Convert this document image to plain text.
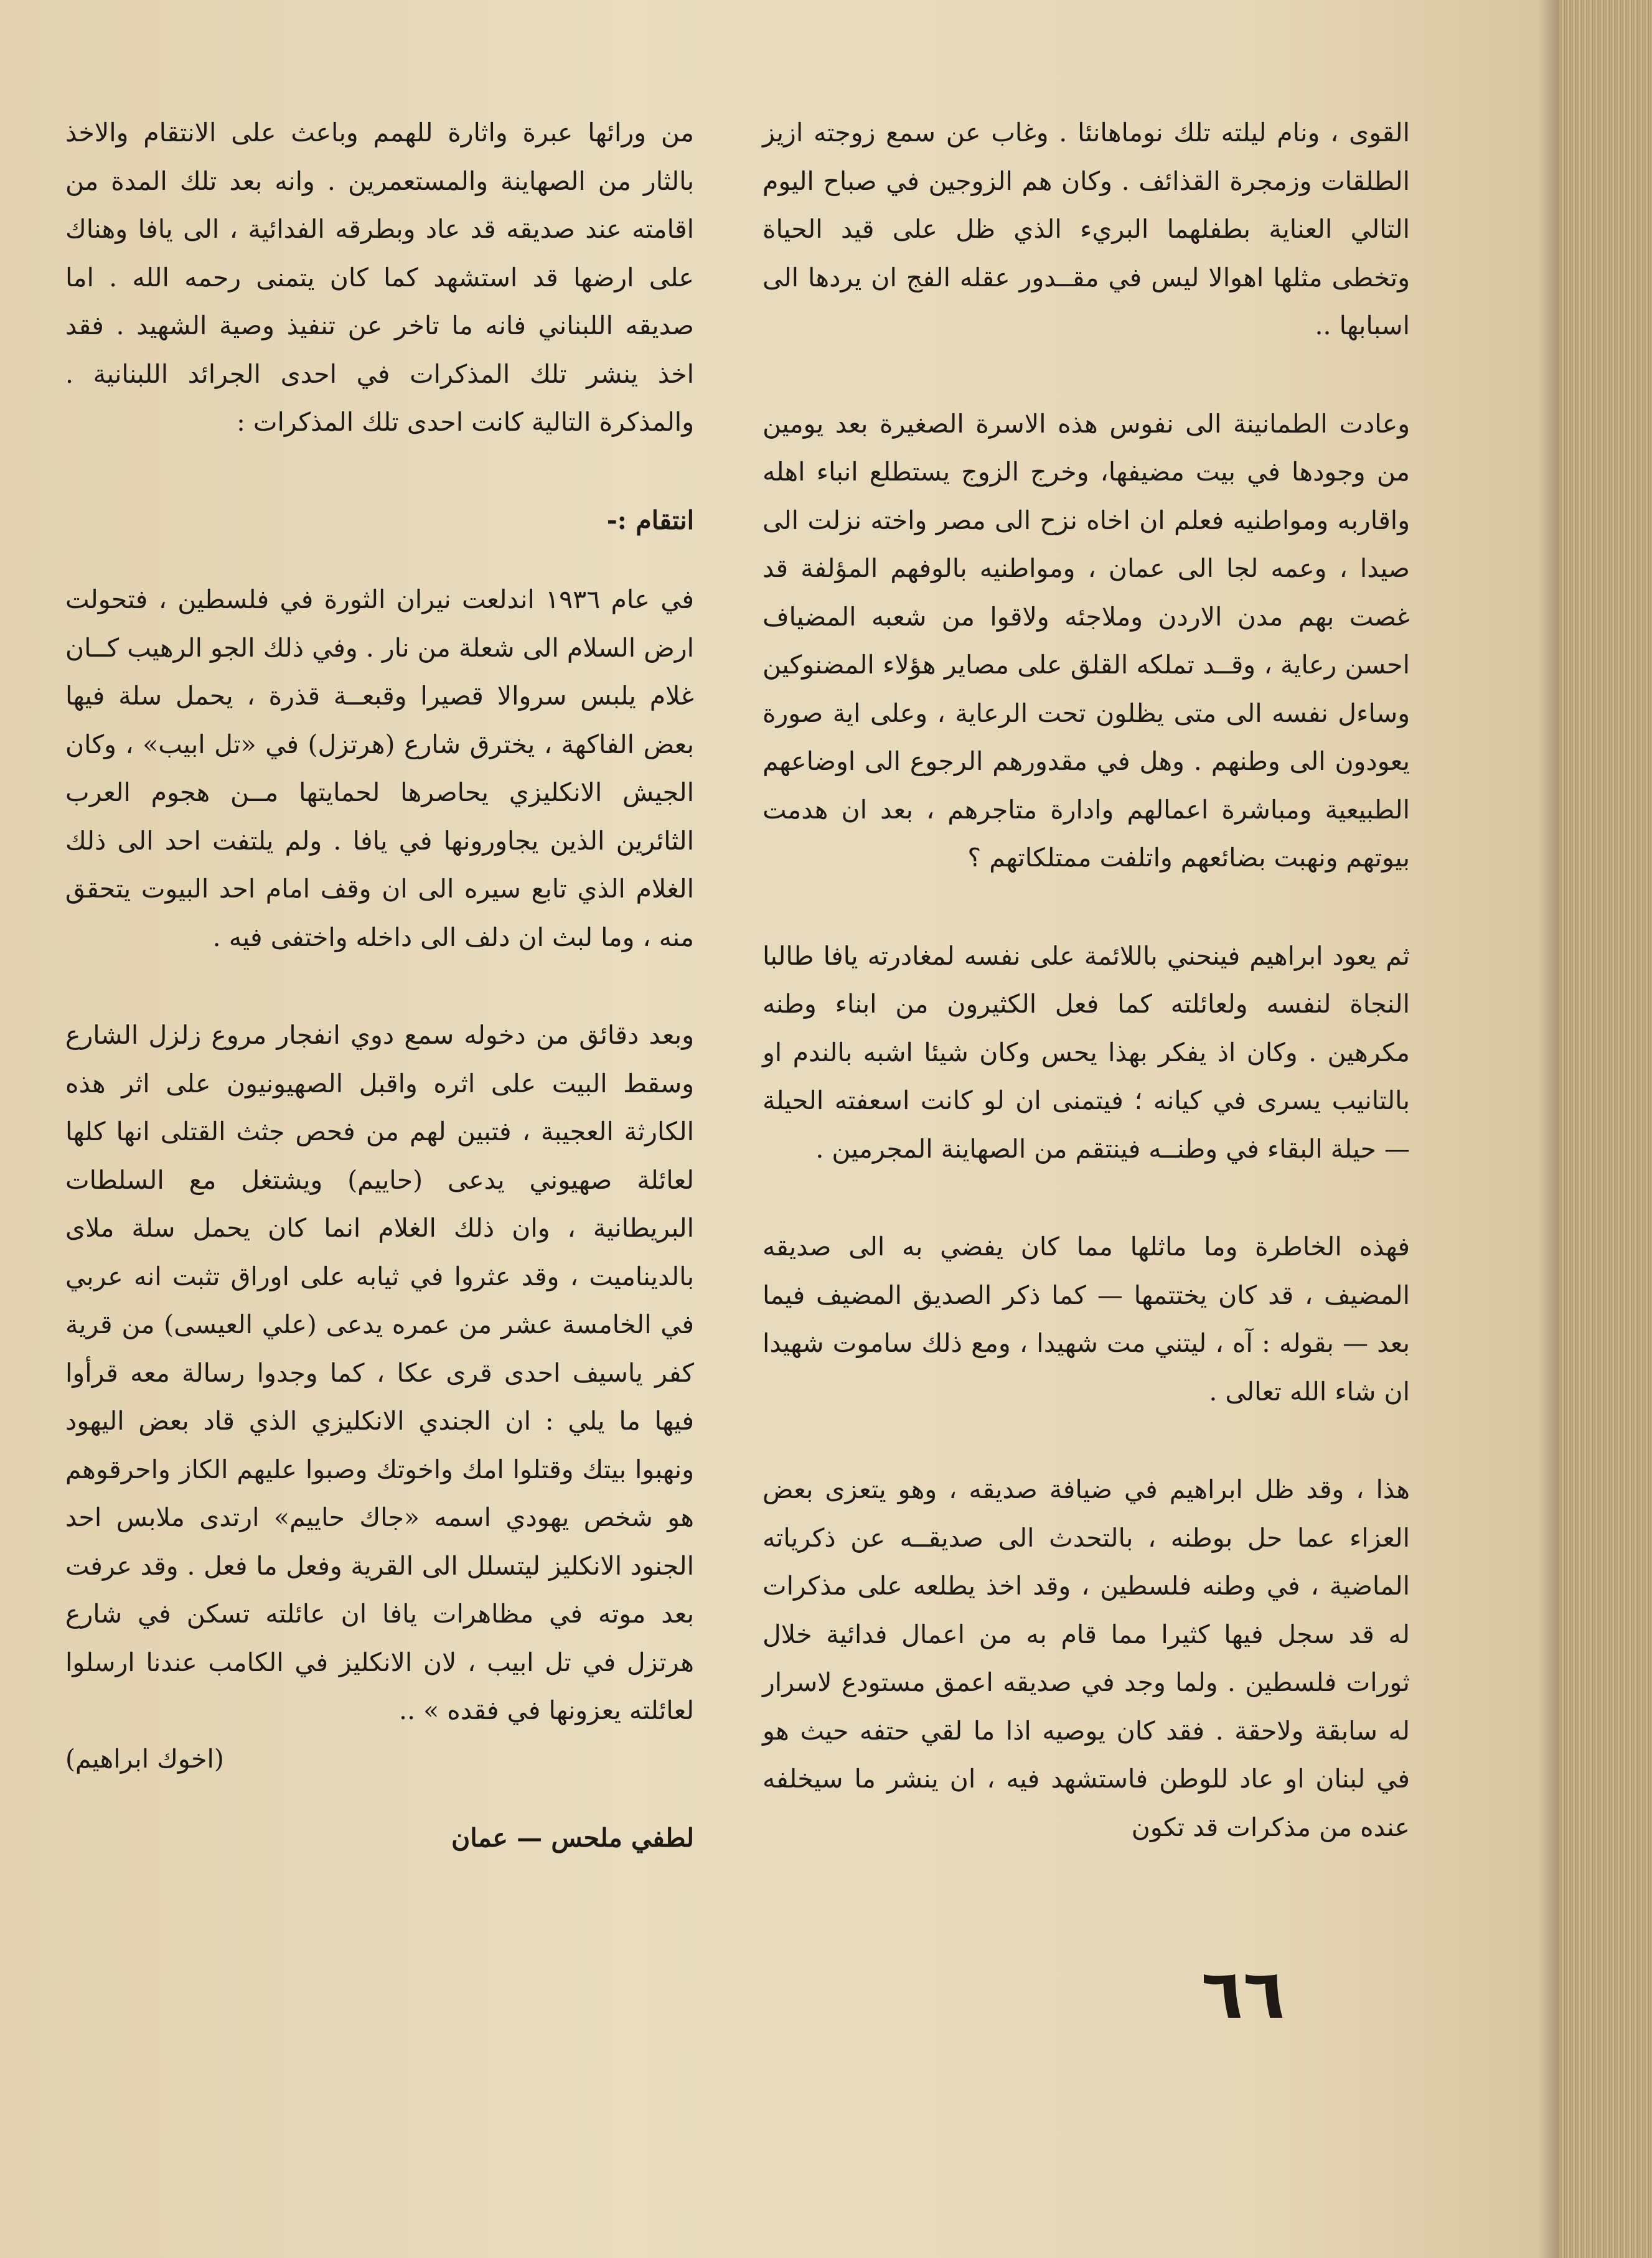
القوى ، ونام ليلته تلك نوماهانئا . وغاب عن سمع زوجته ازيز الطلقات وزمجرة القذائف . وكان هم الزوجين في صباح اليوم التالي العناية بطفلهما البريء الذي ظل على قيد الحياة وتخطى مثلها اهوالا ليس في مقــدور عقله الفج ان يردها الى اسبابها ..

وعادت الطمانينة الى نفوس هذه الاسرة الصغيرة بعد يومين من وجودها في بيت مضيفها، وخرج الزوج يستطلع انباء اهله واقاربه ومواطنيه فعلم ان اخاه نزح الى مصر واخته نزلت الى صيدا ، وعمه لجا الى عمان ، ومواطنيه بالوفهم المؤلفة قد غصت بهم مدن الاردن وملاجئه ولاقوا من شعبه المضياف احسن رعاية ، وقــد تملكه القلق على مصاير هؤلاء المضنوكين وساءل نفسه الى متى يظلون تحت الرعاية ، وعلى اية صورة يعودون الى وطنهم . وهل في مقدورهم الرجوع الى اوضاعهم الطبيعية ومباشرة اعمالهم وادارة متاجرهم ، بعد ان هدمت بيوتهم ونهبت بضائعهم واتلفت ممتلكاتهم ؟

ثم يعود ابراهيم فينحني باللائمة على نفسه لمغادرته يافا طالبا النجاة لنفسه ولعائلته كما فعل الكثيرون من ابناء وطنه مكرهين . وكان اذ يفكر بهذا يحس وكان شيئا اشبه بالندم او بالتانيب يسرى في كيانه ؛ فيتمنى ان لو كانت اسعفته الحيلة — حيلة البقاء في وطنــه فينتقم من الصهاينة المجرمين .

فهذه الخاطرة وما ماثلها مما كان يفضي به الى صديقه المضيف ، قد كان يختتمها — كما ذكر الصديق المضيف فيما بعد — بقوله : آه ، ليتني مت شهيدا ، ومع ذلك ساموت شهيدا ان شاء الله تعالى .

هذا ، وقد ظل ابراهيم في ضيافة صديقه ، وهو يتعزى بعض العزاء عما حل بوطنه ، بالتحدث الى صديقــه عن ذكرياته الماضية ، في وطنه فلسطين ، وقد اخذ يطلعه على مذكرات له قد سجل فيها كثيرا مما قام به من اعمال فدائية خلال ثورات فلسطين . ولما وجد في صديقه اعمق مستودع لاسرار له سابقة ولاحقة . فقد كان يوصيه اذا ما لقي حتفه حيث هو في لبنان او عاد للوطن فاستشهد فيه ، ان ينشر ما سيخلفه عنده من مذكرات قد تكون

من ورائها عبرة واثارة للهمم وباعث على الانتقام والاخذ بالثار من الصهاينة والمستعمرين . وانه بعد تلك المدة من اقامته عند صديقه قد عاد وبطرقه الفدائية ، الى يافا وهناك على ارضها قد استشهد كما كان يتمنى رحمه الله . اما صديقه اللبناني فانه ما تاخر عن تنفيذ وصية الشهيد . فقد اخذ ينشر تلك المذكرات في احدى الجرائد اللبنانية . والمذكرة التالية كانت احدى تلك المذكرات :

انتقام :-

في عام ١٩٣٦ اندلعت نيران الثورة في فلسطين ، فتحولت ارض السلام الى شعلة من نار . وفي ذلك الجو الرهيب كــان غلام يلبس سروالا قصيرا وقبعــة قذرة ، يحمل سلة فيها بعض الفاكهة ، يخترق شارع (هرتزل) في «تل ابيب» ، وكان الجيش الانكليزي يحاصرها لحمايتها مــن هجوم العرب الثائرين الذين يجاورونها في يافا . ولم يلتفت احد الى ذلك الغلام الذي تابع سيره الى ان وقف امام احد البيوت يتحقق منه ، وما لبث ان دلف الى داخله واختفى فيه .

وبعد دقائق من دخوله سمع دوي انفجار مروع زلزل الشارع وسقط البيت على اثره واقبل الصهيونيون على اثر هذه الكارثة العجيبة ، فتبين لهم من فحص جثث القتلى انها كلها لعائلة صهيوني يدعى (حاييم) ويشتغل مع السلطات البريطانية ، وان ذلك الغلام انما كان يحمل سلة ملاى بالديناميت ، وقد عثروا في ثيابه على اوراق تثبت انه عربي في الخامسة عشر من عمره يدعى (علي العيسى) من قرية كفر ياسيف احدى قرى عكا ، كما وجدوا رسالة معه قرأوا فيها ما يلي : ان الجندي الانكليزي الذي قاد بعض اليهود ونهبوا بيتك وقتلوا امك واخوتك وصبوا عليهم الكاز واحرقوهم هو شخص يهودي اسمه «جاك حاييم» ارتدى ملابس احد الجنود الانكليز ليتسلل الى القرية وفعل ما فعل . وقد عرفت بعد موته في مظاهرات يافا ان عائلته تسكن في شارع هرتزل في تل ابيب ، لان الانكليز في الكامب عندنا ارسلوا لعائلته يعزونها في فقده » ..

(اخوك ابراهيم)

لطفي ملحس — عمان

٦٦
